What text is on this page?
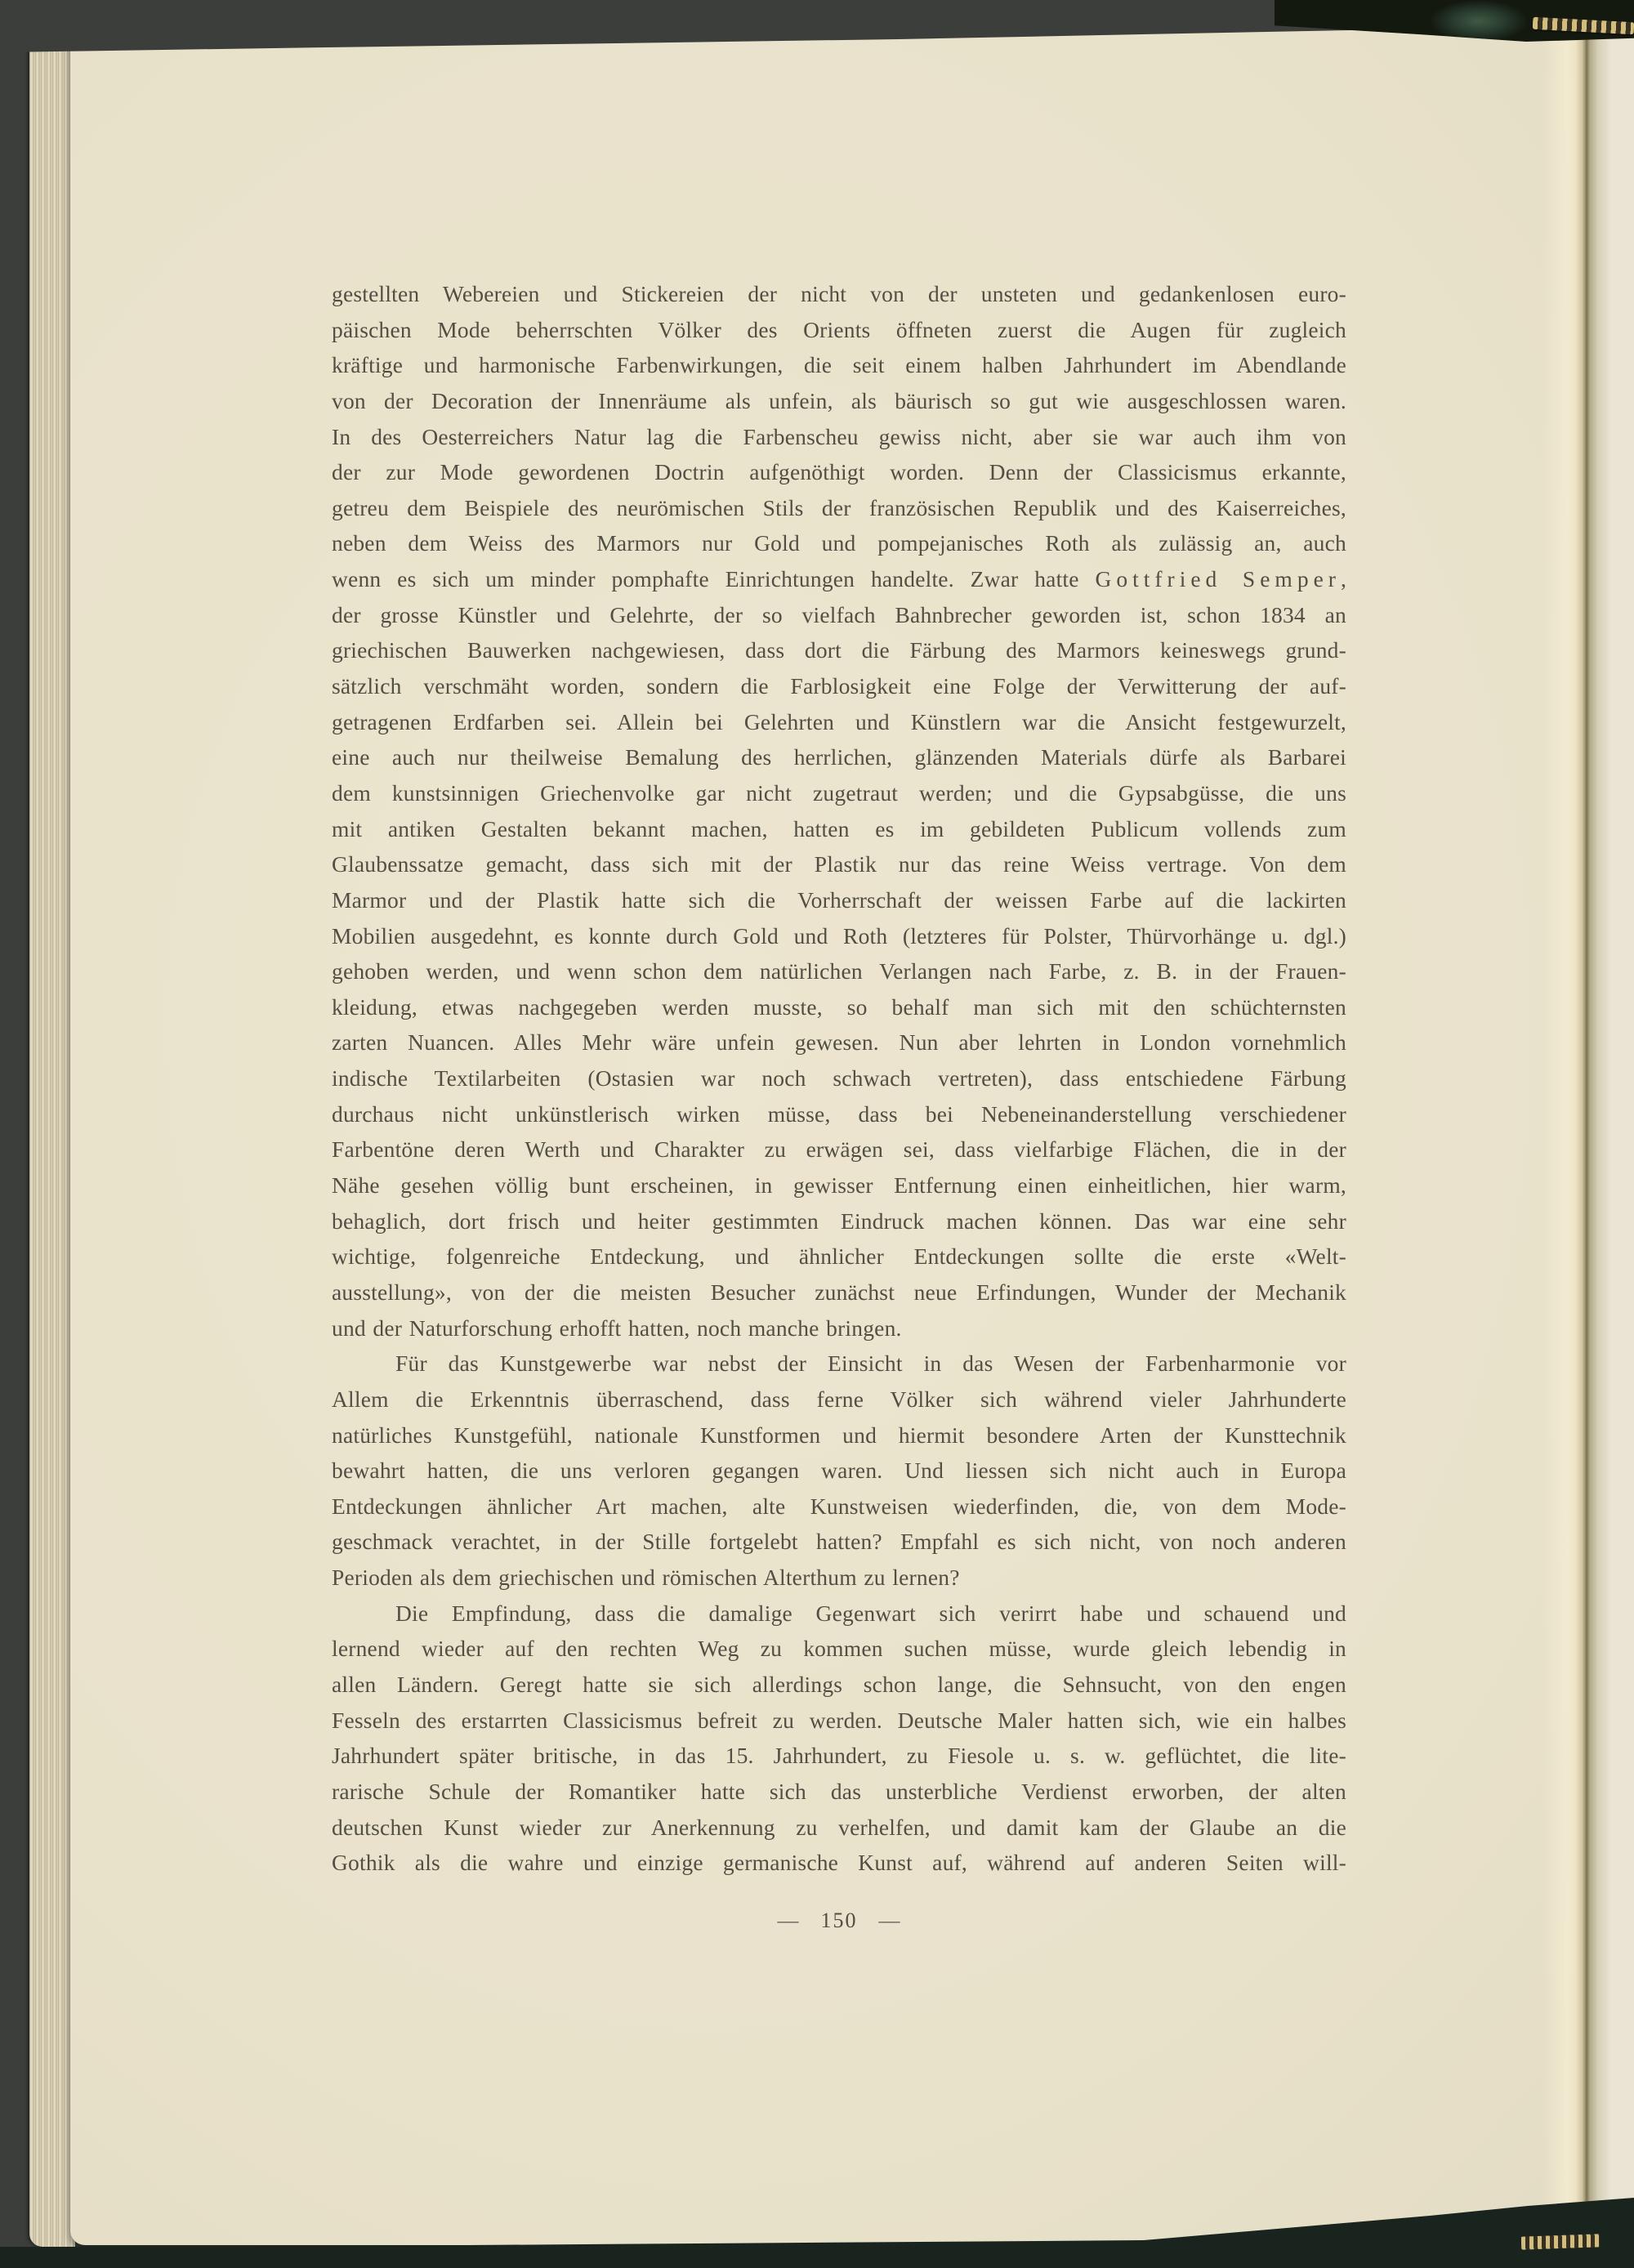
gestellten Webereien und Stickereien der nicht von der unsteten und gedankenlosen euro-
päischen Mode beherrschten Völker des Orients öffneten zuerst die Augen für zugleich
kräftige und harmonische Farbenwirkungen, die seit einem halben Jahrhundert im Abendlande
von der Decoration der Innenräume als unfein, als bäurisch so gut wie ausgeschlossen waren.
In des Oesterreichers Natur lag die Farbenscheu gewiss nicht, aber sie war auch ihm von
der zur Mode gewordenen Doctrin aufgenöthigt worden. Denn der Classicismus erkannte,
getreu dem Beispiele des neurömischen Stils der französischen Republik und des Kaiserreiches,
neben dem Weiss des Marmors nur Gold und pompejanisches Roth als zulässig an, auch
wenn es sich um minder pomphafte Einrichtungen handelte. Zwar hatte Gottfried Semper,
der grosse Künstler und Gelehrte, der so vielfach Bahnbrecher geworden ist, schon 1834 an
griechischen Bauwerken nachgewiesen, dass dort die Färbung des Marmors keineswegs grund-
sätzlich verschmäht worden, sondern die Farblosigkeit eine Folge der Verwitterung der auf-
getragenen Erdfarben sei. Allein bei Gelehrten und Künstlern war die Ansicht festgewurzelt,
eine auch nur theilweise Bemalung des herrlichen, glänzenden Materials dürfe als Barbarei
dem kunstsinnigen Griechenvolke gar nicht zugetraut werden; und die Gypsabgüsse, die uns
mit antiken Gestalten bekannt machen, hatten es im gebildeten Publicum vollends zum
Glaubenssatze gemacht, dass sich mit der Plastik nur das reine Weiss vertrage. Von dem
Marmor und der Plastik hatte sich die Vorherrschaft der weissen Farbe auf die lackirten
Mobilien ausgedehnt, es konnte durch Gold und Roth (letzteres für Polster, Thürvorhänge u. dgl.)
gehoben werden, und wenn schon dem natürlichen Verlangen nach Farbe, z. B. in der Frauen-
kleidung, etwas nachgegeben werden musste, so behalf man sich mit den schüchternsten
zarten Nuancen. Alles Mehr wäre unfein gewesen. Nun aber lehrten in London vornehmlich
indische Textilarbeiten (Ostasien war noch schwach vertreten), dass entschiedene Färbung
durchaus nicht unkünstlerisch wirken müsse, dass bei Nebeneinanderstellung verschiedener
Farbentöne deren Werth und Charakter zu erwägen sei, dass vielfarbige Flächen, die in der
Nähe gesehen völlig bunt erscheinen, in gewisser Entfernung einen einheitlichen, hier warm,
behaglich, dort frisch und heiter gestimmten Eindruck machen können. Das war eine sehr
wichtige, folgenreiche Entdeckung, und ähnlicher Entdeckungen sollte die erste «Welt-
ausstellung», von der die meisten Besucher zunächst neue Erfindungen, Wunder der Mechanik
und der Naturforschung erhofft hatten, noch manche bringen.
Für das Kunstgewerbe war nebst der Einsicht in das Wesen der Farbenharmonie vor
Allem die Erkenntnis überraschend, dass ferne Völker sich während vieler Jahrhunderte
natürliches Kunstgefühl, nationale Kunstformen und hiermit besondere Arten der Kunsttechnik
bewahrt hatten, die uns verloren gegangen waren. Und liessen sich nicht auch in Europa
Entdeckungen ähnlicher Art machen, alte Kunstweisen wiederfinden, die, von dem Mode-
geschmack verachtet, in der Stille fortgelebt hatten? Empfahl es sich nicht, von noch anderen
Perioden als dem griechischen und römischen Alterthum zu lernen?
Die Empfindung, dass die damalige Gegenwart sich verirrt habe und schauend und
lernend wieder auf den rechten Weg zu kommen suchen müsse, wurde gleich lebendig in
allen Ländern. Geregt hatte sie sich allerdings schon lange, die Sehnsucht, von den engen
Fesseln des erstarrten Classicismus befreit zu werden. Deutsche Maler hatten sich, wie ein halbes
Jahrhundert später britische, in das 15. Jahrhundert, zu Fiesole u. s. w. geflüchtet, die lite-
rarische Schule der Romantiker hatte sich das unsterbliche Verdienst erworben, der alten
deutschen Kunst wieder zur Anerkennung zu verhelfen, und damit kam der Glaube an die
Gothik als die wahre und einzige germanische Kunst auf, während auf anderen Seiten will-
— 150 —
